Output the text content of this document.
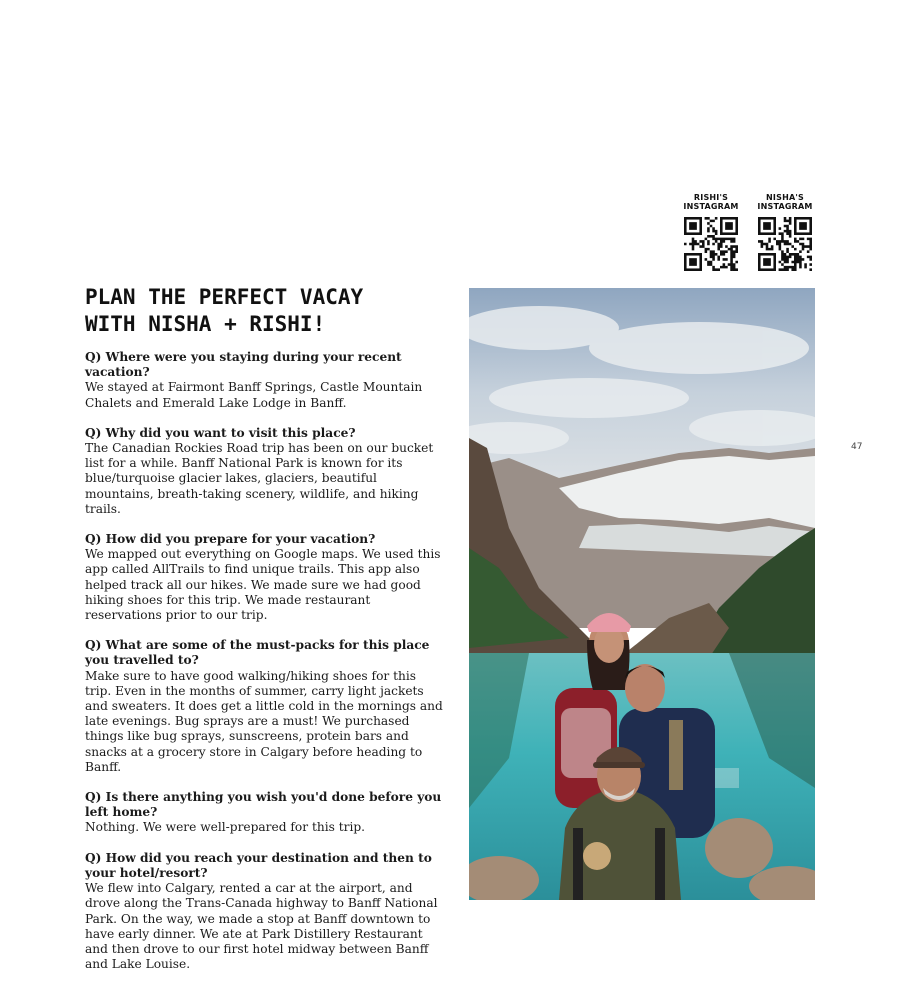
RISHI'S
INSTAGRAM
NISHA'S
INSTAGRAM
PLAN THE PERFECT VACAY
WITH NISHA + RISHI!

Q) Where were you staying during your recent vacation?

We stayed at Fairmont Banff Springs, Castle Mountain Chalets and Emerald Lake Lodge in Banff.

Q) Why did you want to visit this place?

The Canadian Rockies Road trip has been on our bucket list for a while. Banff National Park is known for its blue/turquoise glacier lakes, glaciers, beautiful mountains, breath-taking scenery, wildlife, and hiking trails.

Q) How did you prepare for your vacation?

We mapped out everything on Google maps. We used this app called AllTrails to find unique trails. This app also helped track all our hikes. We made sure we had good hiking shoes for this trip. We made restaurant reservations prior to our trip.

Q) What are some of the must-packs for this place you travelled to?

Make sure to have good walking/hiking shoes for this trip. Even in the months of summer, carry light jackets and sweaters. It does get a little cold in the mornings and late evenings. Bug sprays are a must! We purchased things like bug sprays, sunscreens, protein bars and snacks at a grocery store in Calgary before heading to Banff.

Q) Is there anything you wish you'd done before you left home?

Nothing. We were well-prepared for this trip.

Q) How did you reach your destination and then to your hotel/resort?

We flew into Calgary, rented a car at the airport, and drove along the Trans-Canada highway to Banff National Park. On the way, we made a stop at Banff downtown to have early dinner. We ate at Park Distillery Restaurant and then drove to our first hotel midway between Banff and Lake Louise.

47
